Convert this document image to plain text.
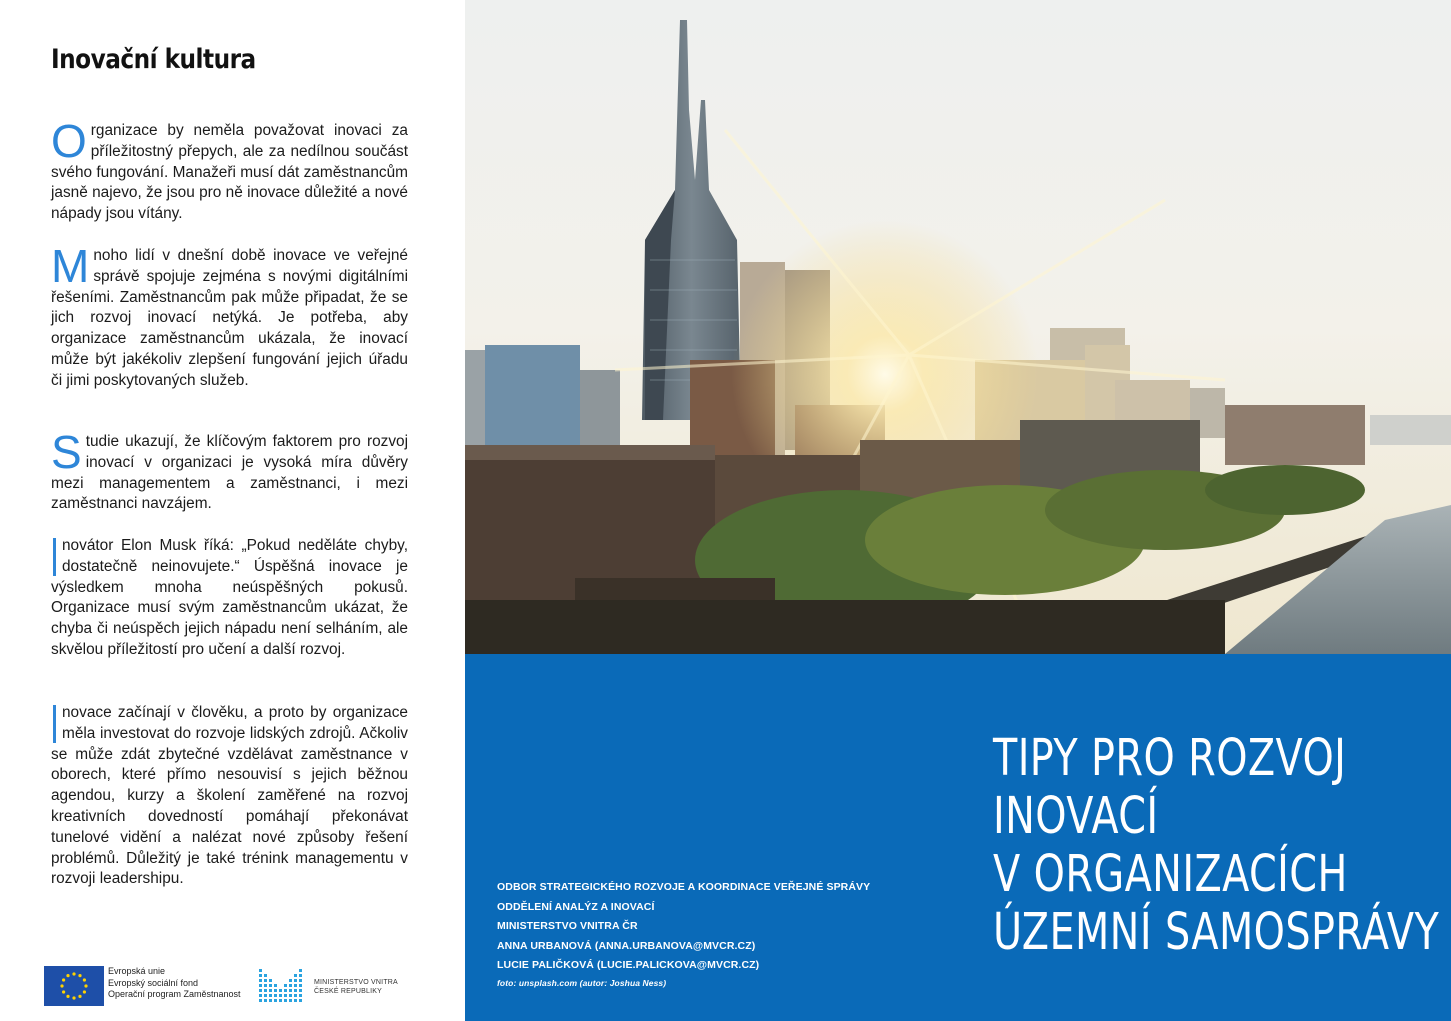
Inovační kultura

O rganizace by neměla považovat inovaci za příležitostný přepych, ale za nedílnou součást svého fungování. Manažeři musí dát zaměstnancům jasně najevo, že jsou pro ně inovace důležité a nové nápady jsou vítány.

M noho lidí v dnešní době inovace ve veřejné správě spojuje zejména s novými digitálními řešeními. Zaměstnancům pak může připadat, že se jich rozvoj inovací netýká. Je potřeba, aby organizace zaměstnancům ukázala, že inovací může být jakékoliv zlepšení fungování jejich úřadu či jimi poskytovaných služeb.

S tudie ukazují, že klíčovým faktorem pro rozvoj inovací v organizaci je vysoká míra důvěry mezi managementem a zaměstnanci, i mezi zaměstnanci navzájem.

novátor Elon Musk říká: „Pokud neděláte chyby, dostatečně neinovujete.“ Úspěšná inovace je výsledkem mnoha neúspěšných pokusů. Organizace musí svým zaměstnancům ukázat, že chyba či neúspěch jejich nápadu není selháním, ale skvělou příležitostí pro učení a další rozvoj.

novace začínají v člověku, a proto by organizace měla investovat do rozvoje lidských zdrojů. Ačkoliv se může zdát zbytečné vzdělávat zaměstnance v oborech, které přímo nesouvisí s jejich běžnou agendou, kurzy a školení zaměřené na rozvoj kreativních dovedností pomáhají překonávat tunelové vidění a nalézat nové způsoby řešení problémů. Důležitý je také trénink managementu v rozvoji leadershipu.

Evropská unie
Evropský sociální fond
Operační program Zaměstnanost
MINISTERSTVO VNITRA
ČESKÉ REPUBLIKY
ODBOR STRATEGICKÉHO ROZVOJE A KOORDINACE VEŘEJNÉ SPRÁVY
ODDĚLENÍ ANALÝZ A INOVACÍ
MINISTERSTVO VNITRA ČR
ANNA URBANOVÁ (ANNA.URBANOVA@MVCR.CZ)
LUCIE PALIČKOVÁ (LUCIE.PALICKOVA@MVCR.CZ)
foto: unsplash.com (autor: Joshua Ness)
TIPY PRO ROZVOJ
INOVACÍ
V ORGANIZACÍCH
ÚZEMNÍ SAMOSPRÁVY
